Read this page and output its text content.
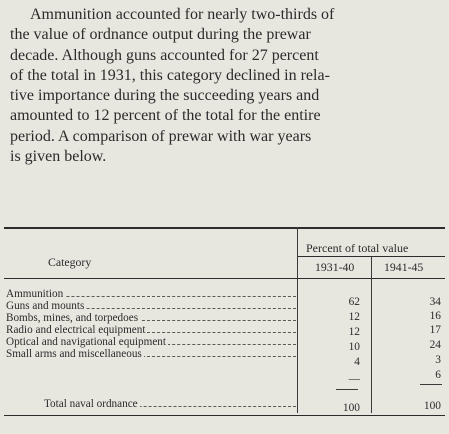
Ammunition accounted for nearly two-thirds of
the value of ordnance output during the prewar
decade. Although guns accounted for 27 percent
of the total in 1931, this category declined in rela-
tive importance during the succeeding years and
amounted to 12 percent of the total for the entire
period. A comparison of prewar with war years
is given below.
Category
Percent of total value
1931-40	1941-45
Ammunition
62	34
Guns and mounts
12	16
Bombs, mines, and torpedoes
12	17
Radio and electrical equipment
10	24
Optical and navigational equipment
4	3
Small arms and miscellaneous
—	6
Total naval ordnance	100	100
